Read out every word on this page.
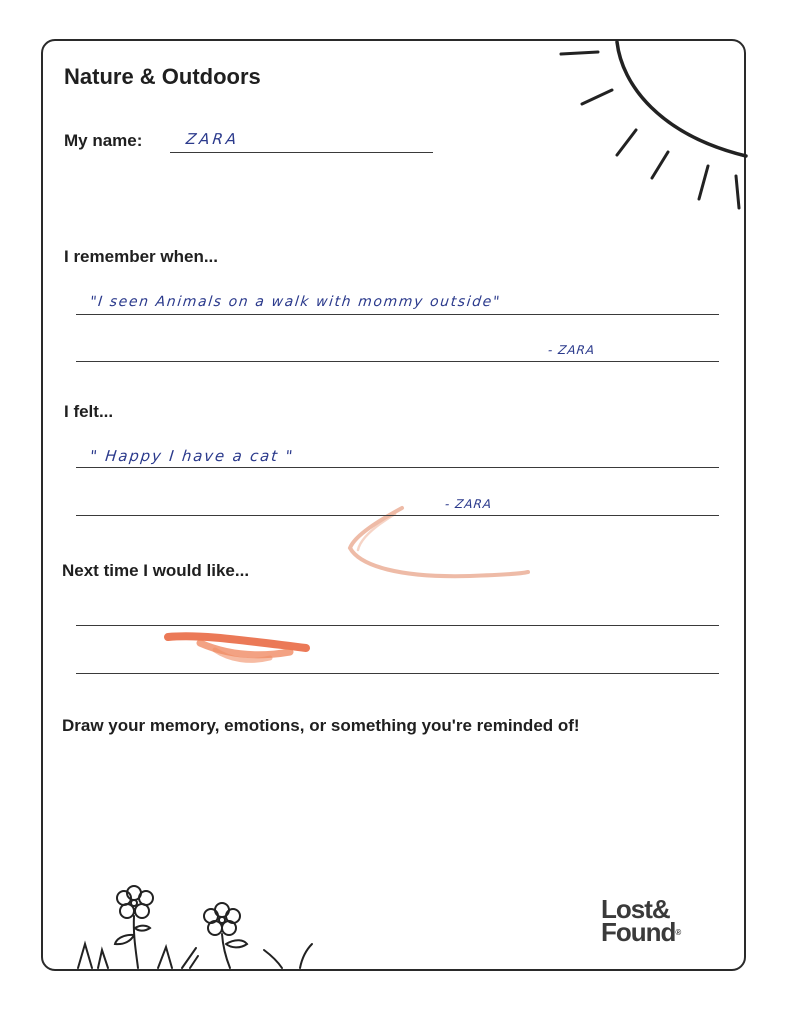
Nature & Outdoors
My name:	ZARA
I remember when...
"I seen Animals on a walk with mommy outside"
- ZARA
I felt...
" Happy I have a cat "
- ZARA
Next time I would like...
Draw your memory, emotions, or something you're reminded of!
Lost&
Found®
